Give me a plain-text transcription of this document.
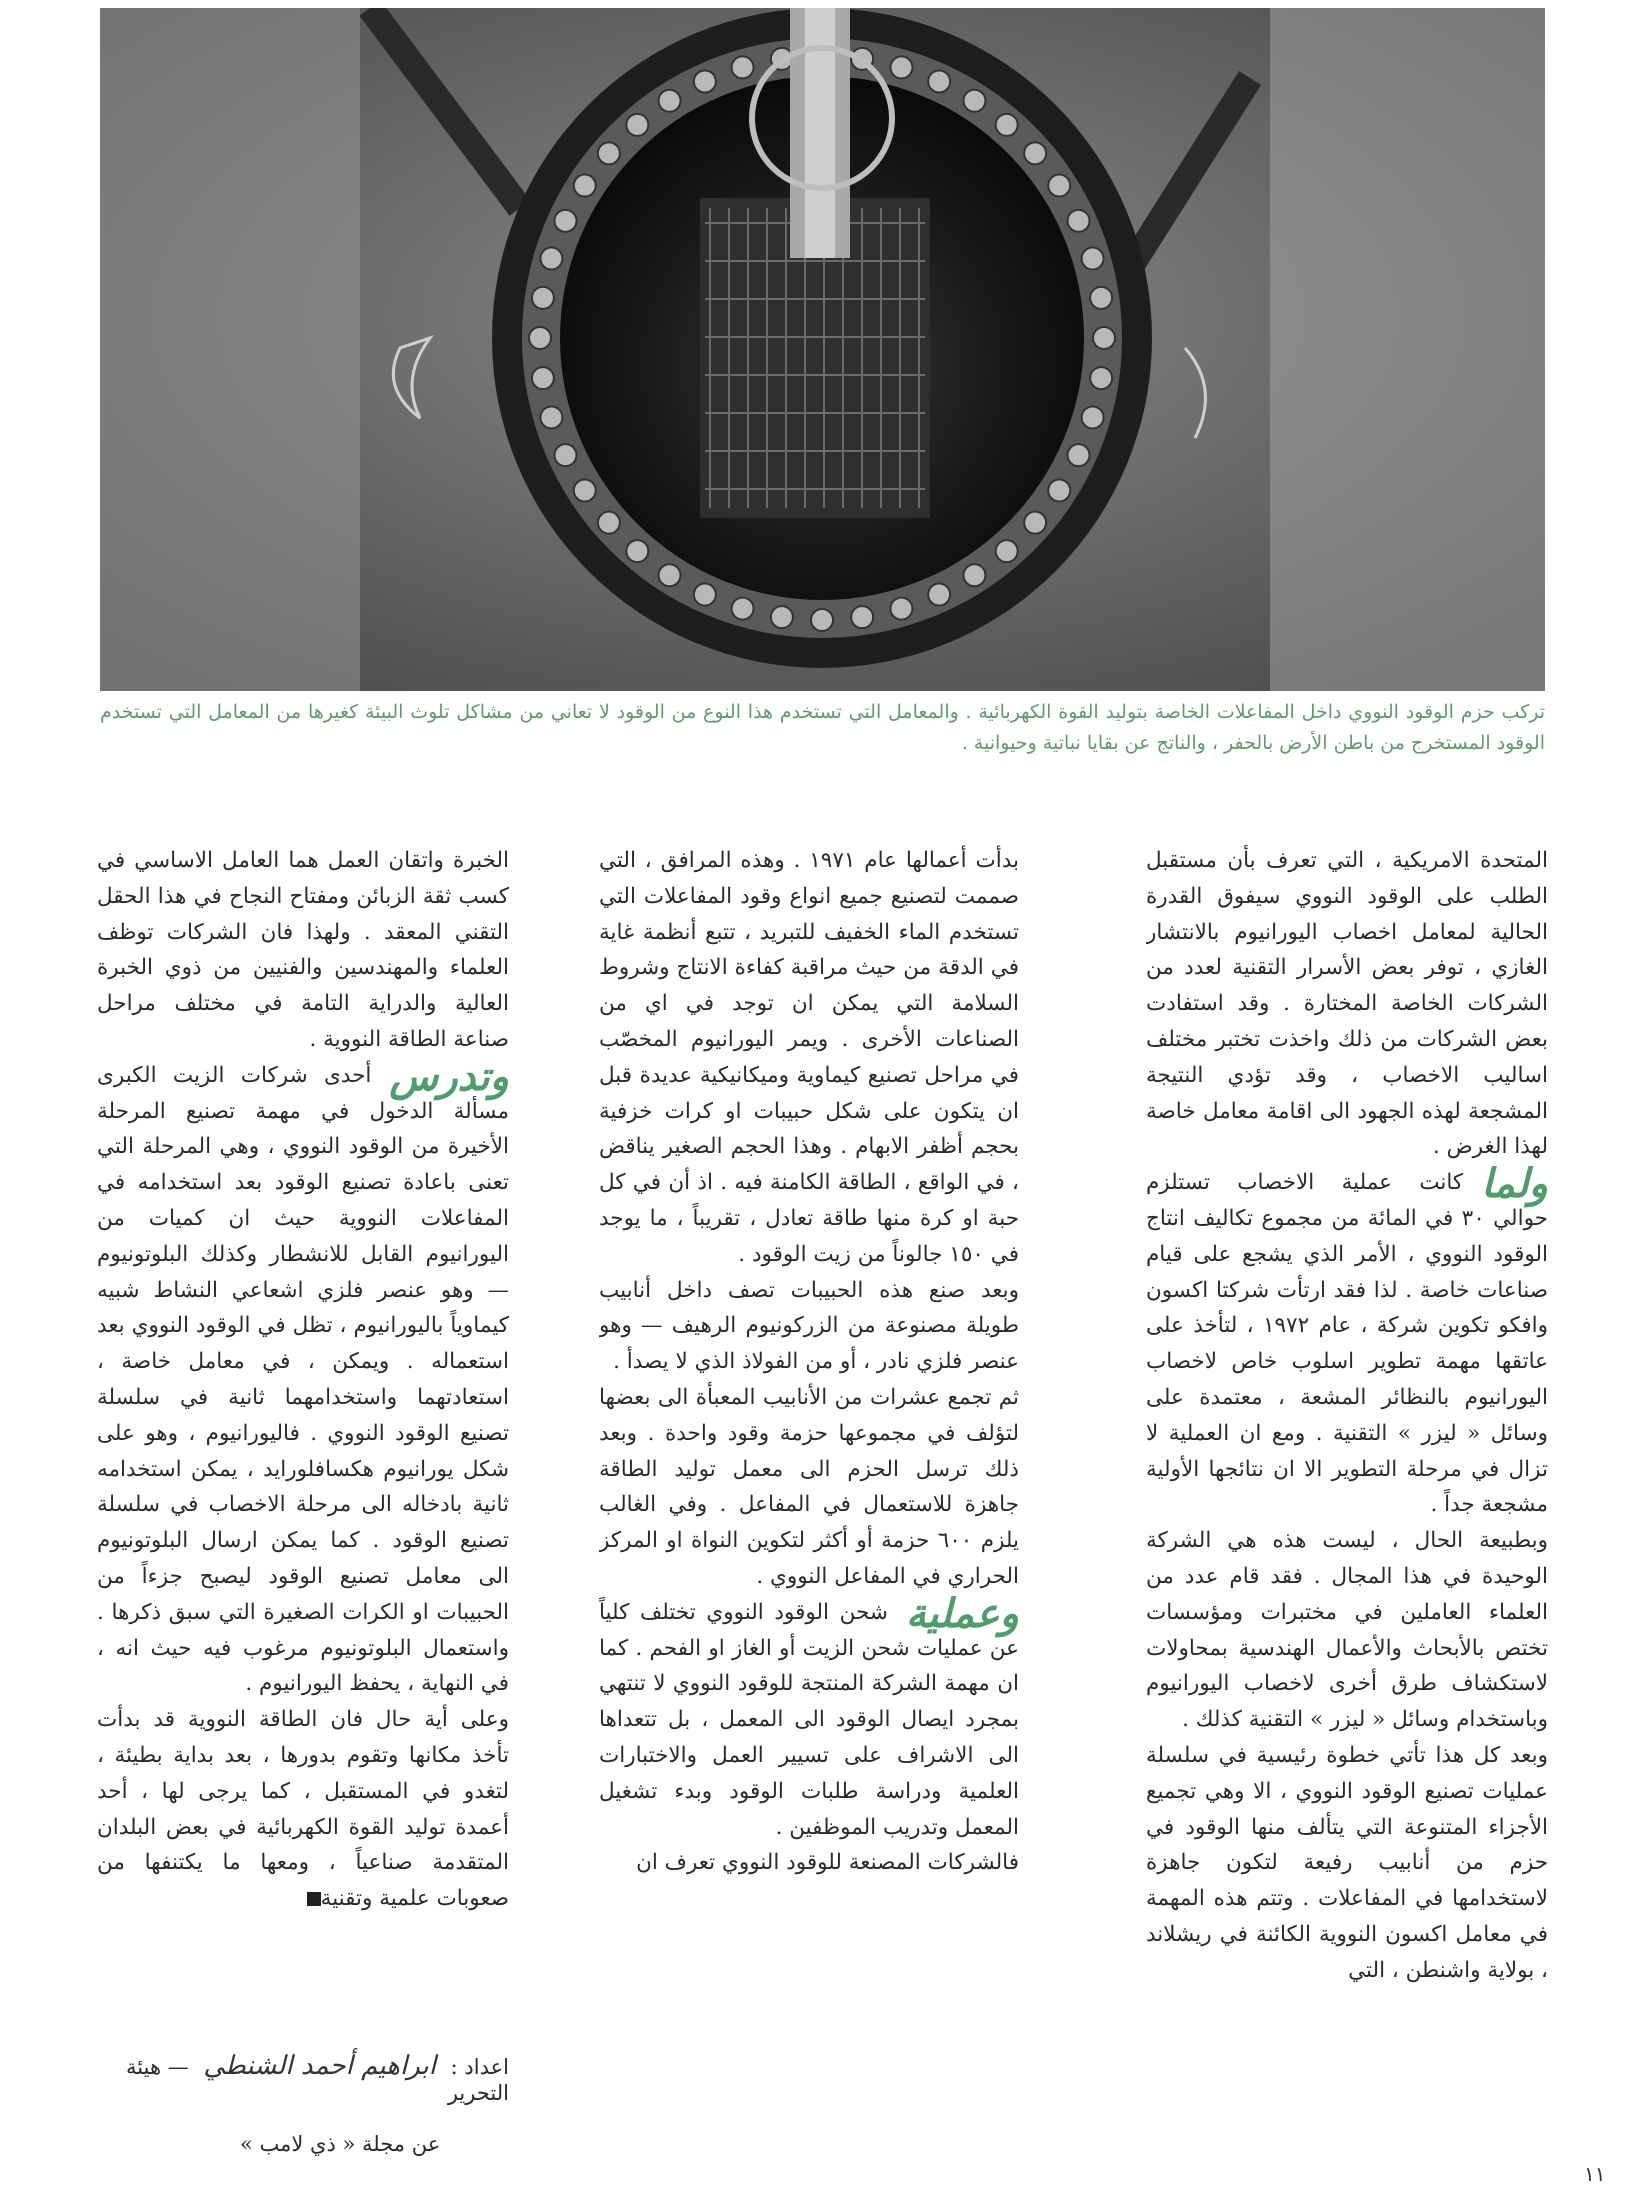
تركب حزم الوقود النووي داخل المفاعلات الخاصة بتوليد القوة الكهربائية . والمعامل التي تستخدم هذا النوع من الوقود لا تعاني من مشاكل تلوث البيئة كغيرها من المعامل التي تستخدم الوقود المستخرج من باطن الأرض بالحفر ، والناتج عن بقايا نباتية وحيوانية .

المتحدة الامريكية ، التي تعرف بأن مستقبل الطلب على الوقود النووي سيفوق القدرة الحالية لمعامل اخصاب اليورانيوم بالانتشار الغازي ، توفر بعض الأسرار التقنية لعدد من الشركات الخاصة المختارة . وقد استفادت بعض الشركات من ذلك واخذت تختبر مختلف اساليب الاخصاب ، وقد تؤدي النتيجة المشجعة لهذه الجهود الى اقامة معامل خاصة لهذا الغرض .

ولما
كانت عملية الاخصاب تستلزم حوالي ٣٠ في المائة من مجموع تكاليف انتاج الوقود النووي ، الأمر الذي يشجع على قيام صناعات خاصة . لذا فقد ارتأت شركتا اكسون وافكو تكوين شركة ، عام ١٩٧٢ ، لتأخذ على عاتقها مهمة تطوير اسلوب خاص لاخصاب اليورانيوم بالنظائر المشعة ، معتمدة على وسائل « ليزر » التقنية . ومع ان العملية لا تزال في مرحلة التطوير الا ان نتائجها الأولية مشجعة جداً .

وبطبيعة الحال ، ليست هذه هي الشركة الوحيدة في هذا المجال . فقد قام عدد من العلماء العاملين في مختبرات ومؤسسات تختص بالأبحاث والأعمال الهندسية بمحاولات لاستكشاف طرق أخرى لاخصاب اليورانيوم وباستخدام وسائل « ليزر » التقنية كذلك .

وبعد كل هذا تأتي خطوة رئيسية في سلسلة عمليات تصنيع الوقود النووي ، الا وهي تجميع الأجزاء المتنوعة التي يتألف منها الوقود في حزم من أنابيب رفيعة لتكون جاهزة لاستخدامها في المفاعلات . وتتم هذه المهمة في معامل اكسون النووية الكائنة في ريشلاند ، بولاية واشنطن ، التي

بدأت أعمالها عام ١٩٧١ . وهذه المرافق ، التي صممت لتصنيع جميع انواع وقود المفاعلات التي تستخدم الماء الخفيف للتبريد ، تتبع أنظمة غاية في الدقة من حيث مراقبة كفاءة الانتاج وشروط السلامة التي يمكن ان توجد في اي من الصناعات الأخرى . ويمر اليورانيوم المخصّب في مراحل تصنيع كيماوية وميكانيكية عديدة قبل ان يتكون على شكل حبيبات او كرات خزفية بحجم أظفر الابهام . وهذا الحجم الصغير يناقض ، في الواقع ، الطاقة الكامنة فيه . اذ أن في كل حبة او كرة منها طاقة تعادل ، تقريباً ، ما يوجد في ١٥٠ جالوناً من زيت الوقود .

وبعد صنع هذه الحبيبات تصف داخل أنابيب طويلة مصنوعة من الزركونيوم الرهيف — وهو عنصر فلزي نادر ، أو من الفولاذ الذي لا يصدأ .

ثم تجمع عشرات من الأنابيب المعبأة الى بعضها لتؤلف في مجموعها حزمة وقود واحدة . وبعد ذلك ترسل الحزم الى معمل توليد الطاقة جاهزة للاستعمال في المفاعل . وفي الغالب يلزم ٦٠٠ حزمة أو أكثر لتكوين النواة او المركز الحراري في المفاعل النووي .

وعملية
شحن الوقود النووي تختلف كلياً عن عمليات شحن الزيت أو الغاز او الفحم . كما ان مهمة الشركة المنتجة للوقود النووي لا تنتهي بمجرد ايصال الوقود الى المعمل ، بل تتعداها الى الاشراف على تسيير العمل والاختبارات العلمية ودراسة طلبات الوقود وبدء تشغيل المعمل وتدريب الموظفين .

فالشركات المصنعة للوقود النووي تعرف ان

الخبرة واتقان العمل هما العامل الاساسي في كسب ثقة الزبائن ومفتاح النجاح في هذا الحقل التقني المعقد . ولهذا فان الشركات توظف العلماء والمهندسين والفنيين من ذوي الخبرة العالية والدراية التامة في مختلف مراحل صناعة الطاقة النووية .

وتدرس
أحدى شركات الزيت الكبرى مسألة الدخول في مهمة تصنيع المرحلة الأخيرة من الوقود النووي ، وهي المرحلة التي تعنى باعادة تصنيع الوقود بعد استخدامه في المفاعلات النووية حيث ان كميات من اليورانيوم القابل للانشطار وكذلك البلوتونيوم — وهو عنصر فلزي اشعاعي النشاط شبيه كيماوياً باليورانيوم ، تظل في الوقود النووي بعد استعماله . ويمكن ، في معامل خاصة ، استعادتهما واستخدامهما ثانية في سلسلة تصنيع الوقود النووي . فاليورانيوم ، وهو على شكل يورانيوم هكسافلورايد ، يمكن استخدامه ثانية بادخاله الى مرحلة الاخصاب في سلسلة تصنيع الوقود . كما يمكن ارسال البلوتونيوم الى معامل تصنيع الوقود ليصبح جزءاً من الحبيبات او الكرات الصغيرة التي سبق ذكرها . واستعمال البلوتونيوم مرغوب فيه حيث انه ، في النهاية ، يحفظ اليورانيوم .

وعلى أية حال فان الطاقة النووية قد بدأت تأخذ مكانها وتقوم بدورها ، بعد بداية بطيئة ، لتغدو في المستقبل ، كما يرجى لها ، أحد أعمدة توليد القوة الكهربائية في بعض البلدان المتقدمة صناعياً ، ومعها ما يكتنفها من صعوبات علمية وتقنية

اعداد : ابراهيم أحمد الشنطي — هيئة التحرير
عن مجلة « ذي لامب »
١١
